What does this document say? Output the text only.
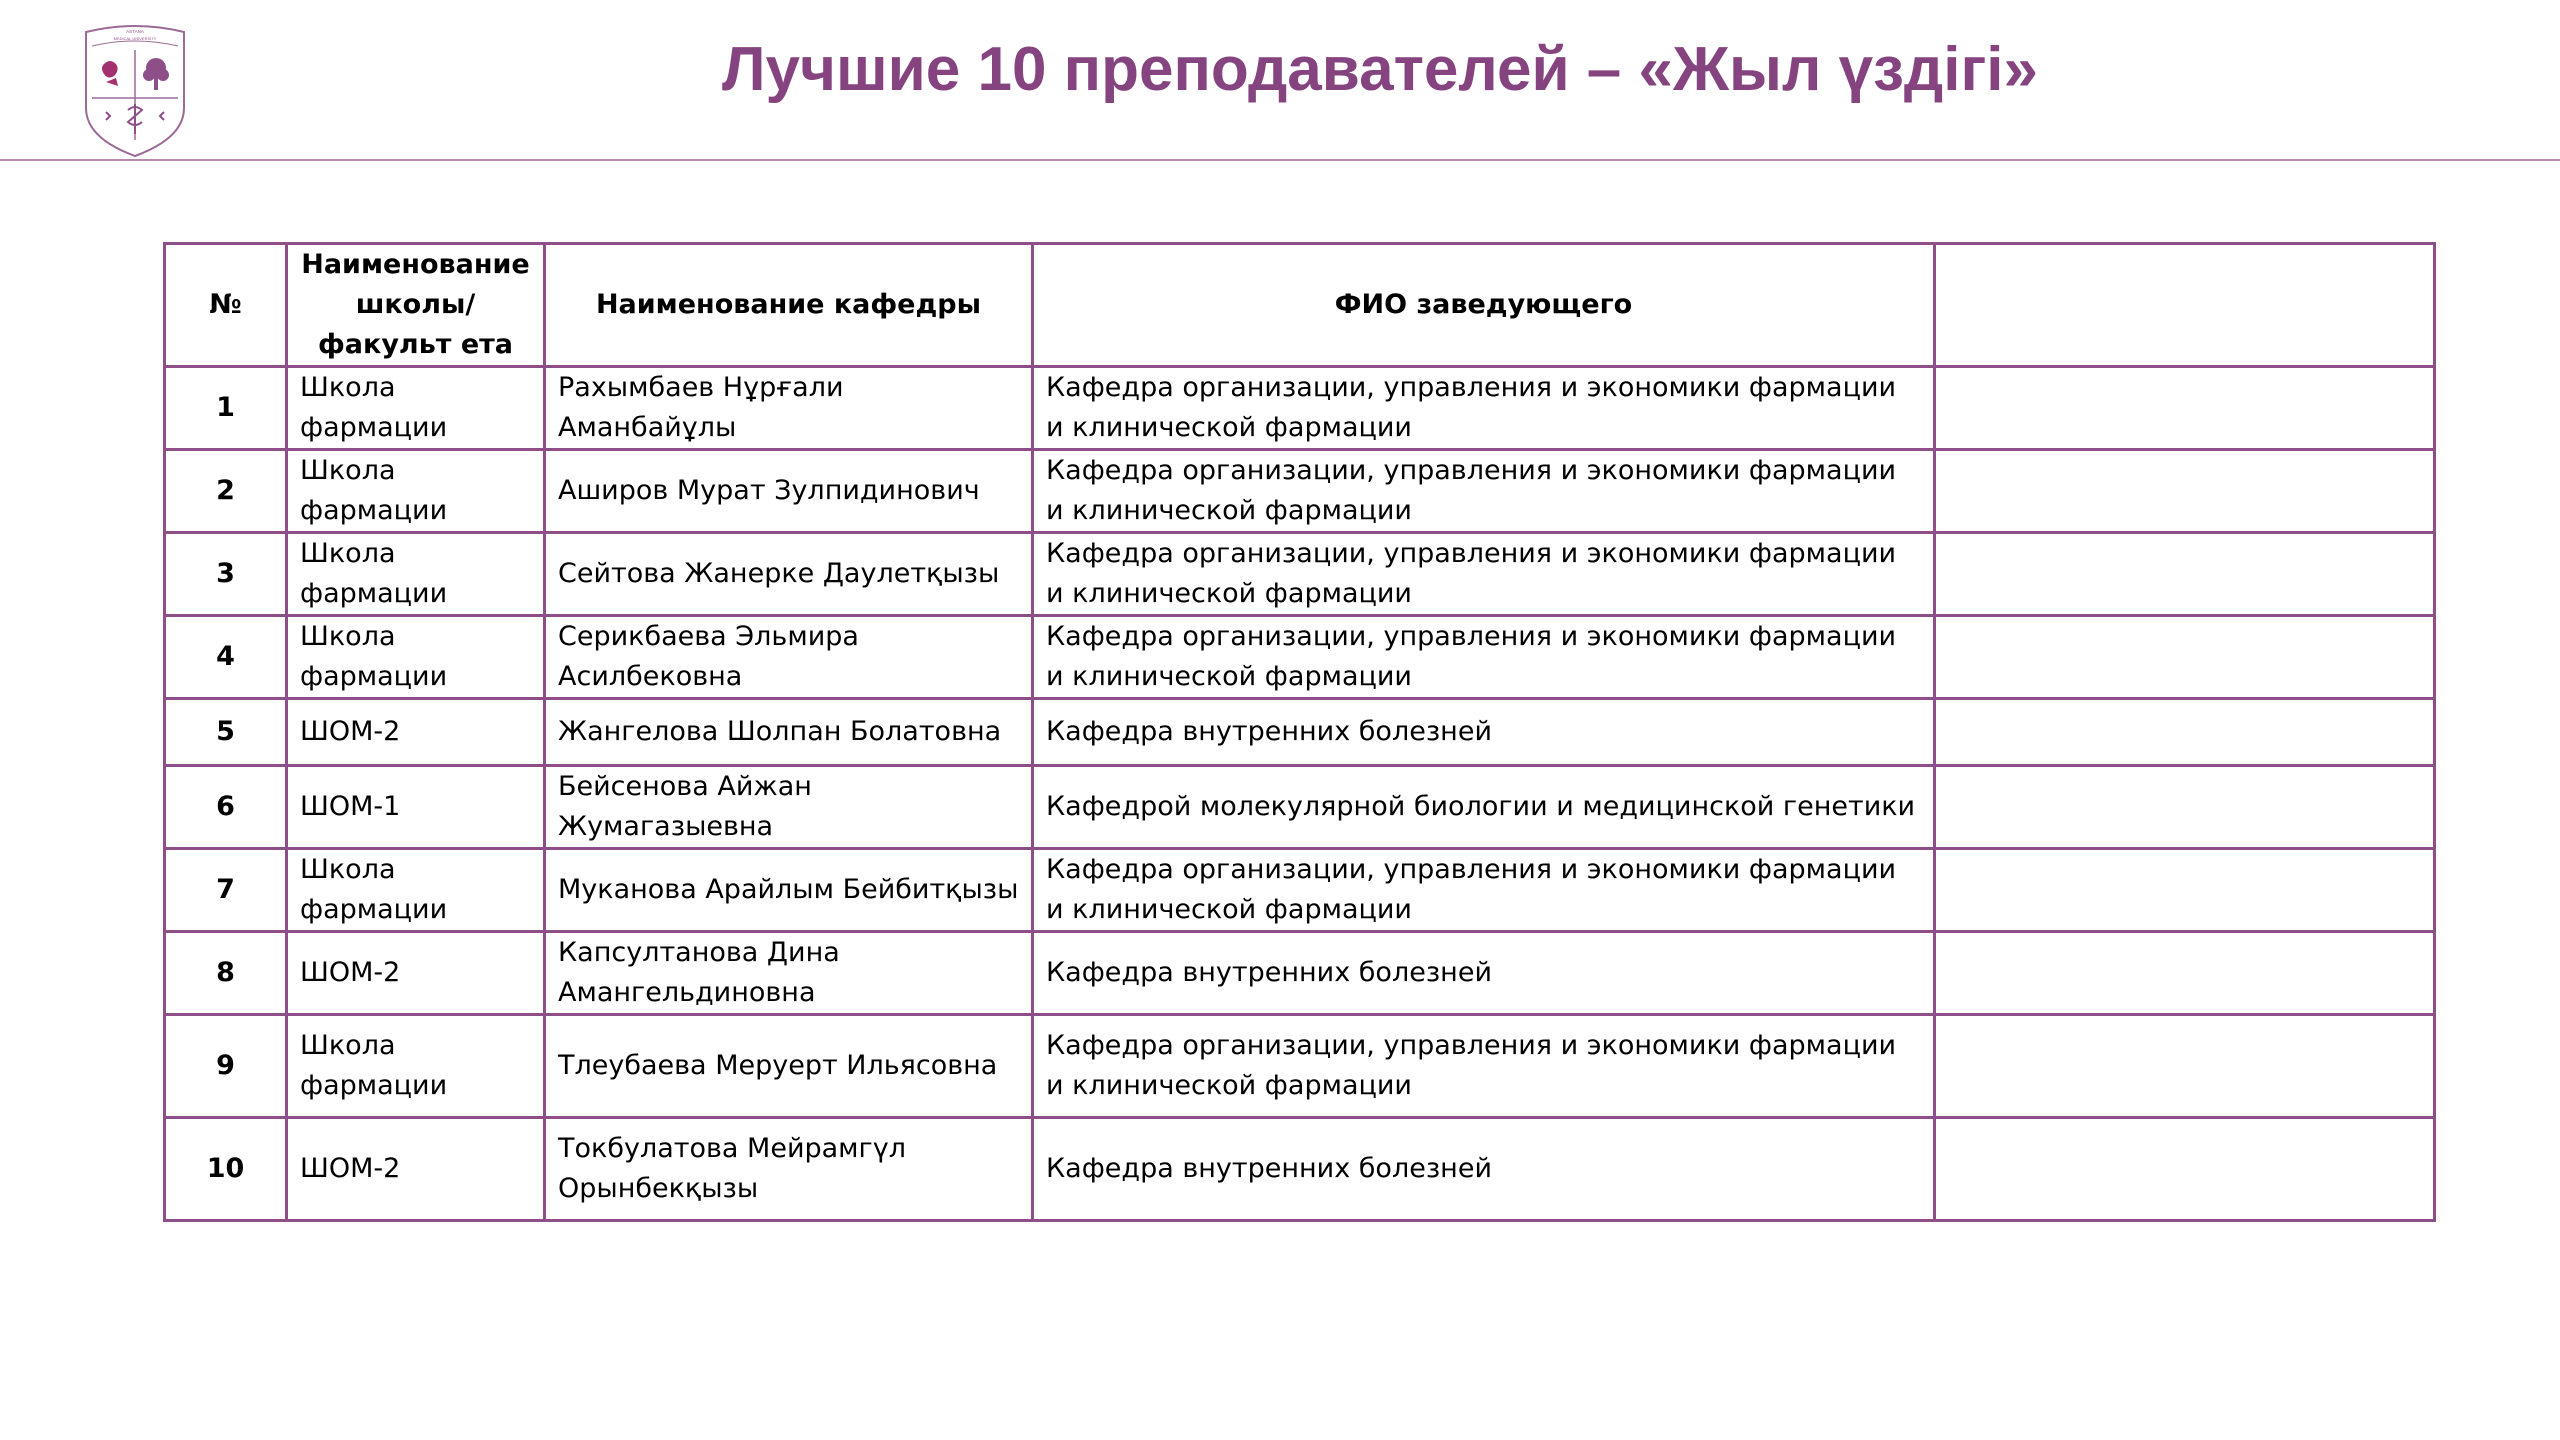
ASTANA
MEDICAL UNIVERSITY	Лучшие 10 преподавателей – «Жыл үздігі»
№	Наименование школы/факульт ета	Наименование кафедры	ФИО заведующего	
1	Школа фармации	Рахымбаев Нұрғали Аманбайұлы	Кафедра организации, управления и экономики фармации и клинической фармации	
2	Школа фармации	Аширов Мурат Зулпидинович	Кафедра организации, управления и экономики фармации и клинической фармации	
3	Школа фармации	Сейтова Жанерке Даулетқызы	Кафедра организации, управления и экономики фармации и клинической фармации	
4	Школа фармации	Серикбаева Эльмира Асилбековна	Кафедра организации, управления и экономики фармации и клинической фармации	
5	ШОМ-2	Жангелова Шолпан Болатовна	Кафедра внутренних болезней	
6	ШОМ-1	Бейсенова Айжан Жумагазыевна	Кафедрой молекулярной биологии и медицинской генетики	
7	Школа фармации	Муканова Арайлым Бейбитқызы	Кафедра организации, управления и экономики фармации и клинической фармации	
8	ШОМ-2	Капсултанова Дина Амангельдиновна	Кафедра внутренних болезней	
9	Школа фармации	Тлеубаева Меруерт Ильясовна	Кафедра организации, управления и экономики фармации и клинической фармации	
10	ШОМ-2	Токбулатова Мейрамгүл Орынбекқызы	Кафедра внутренних болезней	
